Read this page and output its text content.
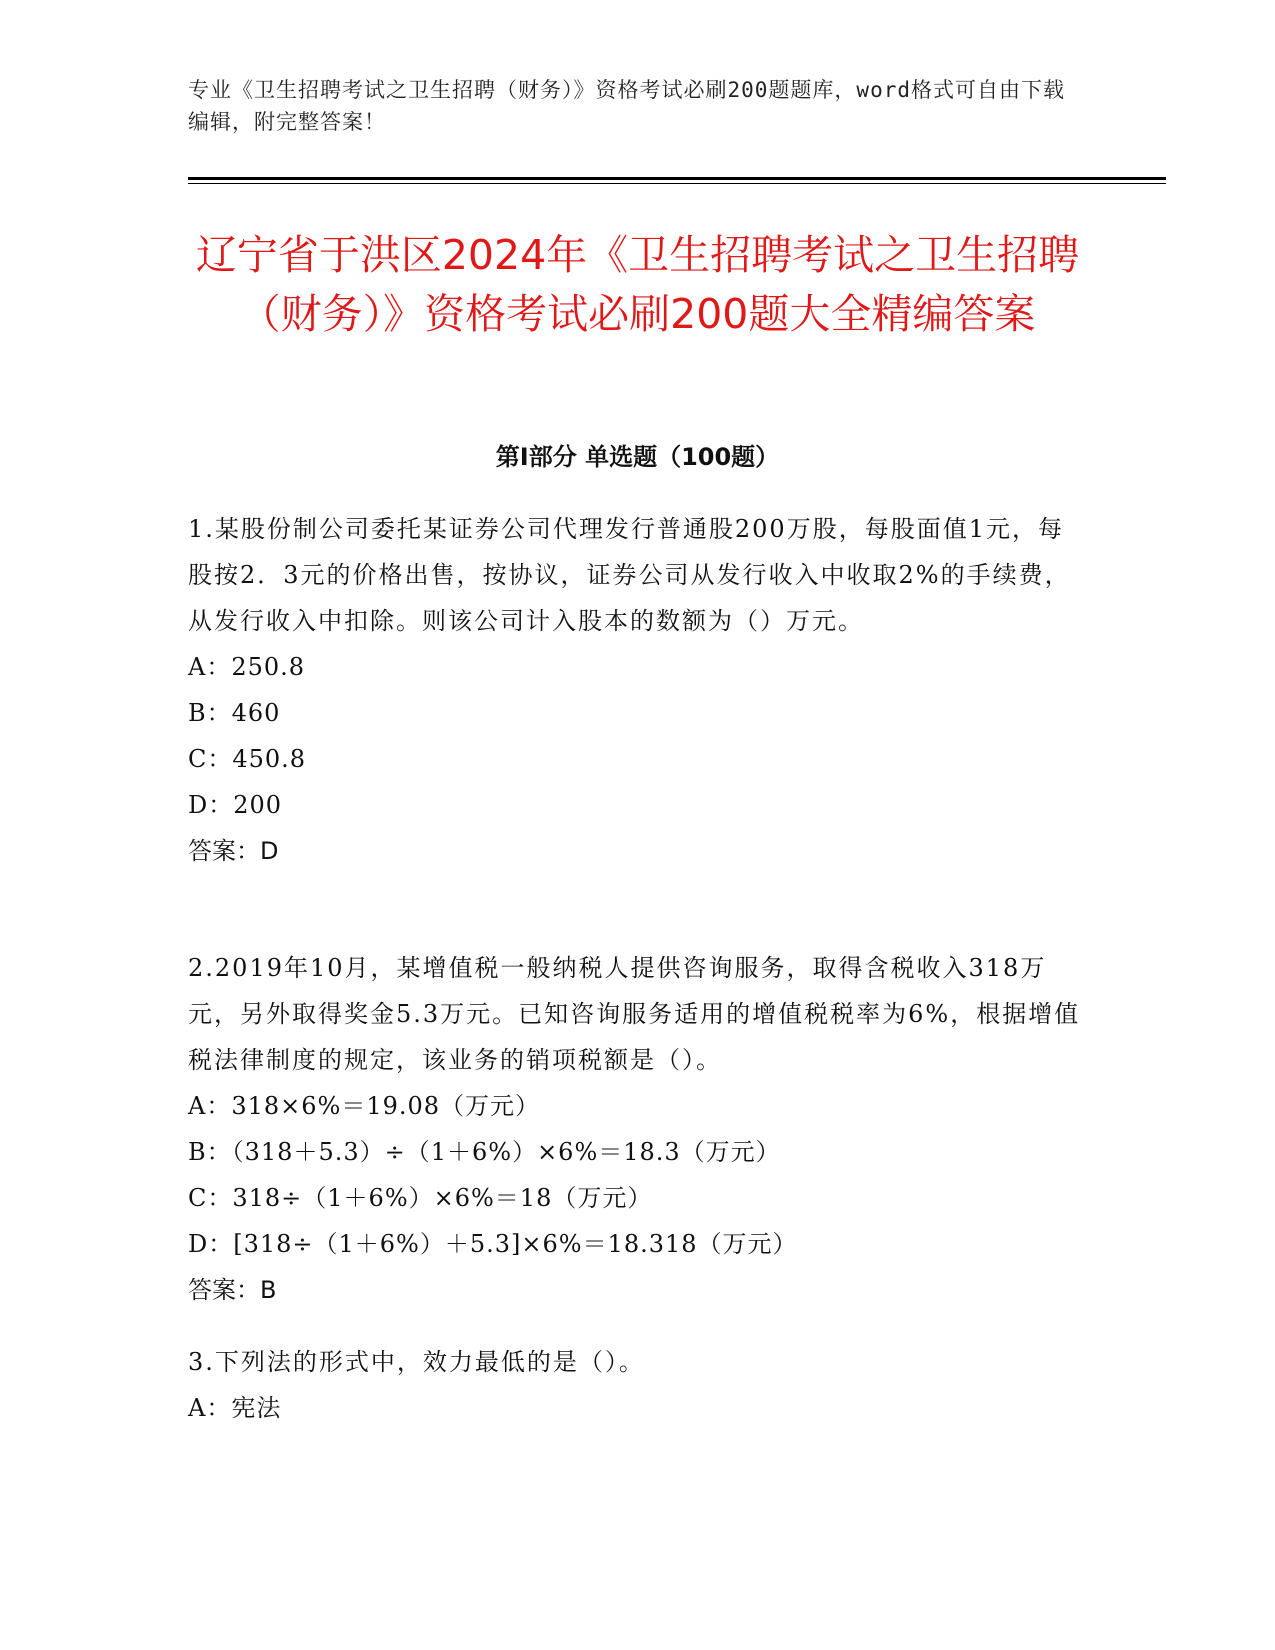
专业《卫生招聘考试之卫生招聘（财务）》资格考试必刷200题题库，word格式可自由下载编辑，附完整答案！
辽宁省于洪区2024年《卫生招聘考试之卫生招聘（财务）》资格考试必刷200题大全精编答案
第Ⅰ部分 单选题（100题）

1.某股份制公司委托某证券公司代理发行普通股200万股，每股面值1元，每股按2．3元的价格出售，按协议，证券公司从发行收入中收取2%的手续费，从发行收入中扣除。则该公司计入股本的数额为（）万元。

A：250.8

B：460

C：450.8

D：200

答案：D

2.2019年10月，某增值税一般纳税人提供咨询服务，取得含税收入318万元，另外取得奖金5.3万元。已知咨询服务适用的增值税税率为6%，根据增值税法律制度的规定，该业务的销项税额是（）。

A：318×6%＝19.08（万元）

B：（318＋5.3）÷（1＋6%）×6%＝18.3（万元）

C：318÷（1＋6%）×6%＝18（万元）

D：[318÷（1＋6%）＋5.3]×6%＝18.318（万元）

答案：B

3.下列法的形式中，效力最低的是（）。

A：宪法
